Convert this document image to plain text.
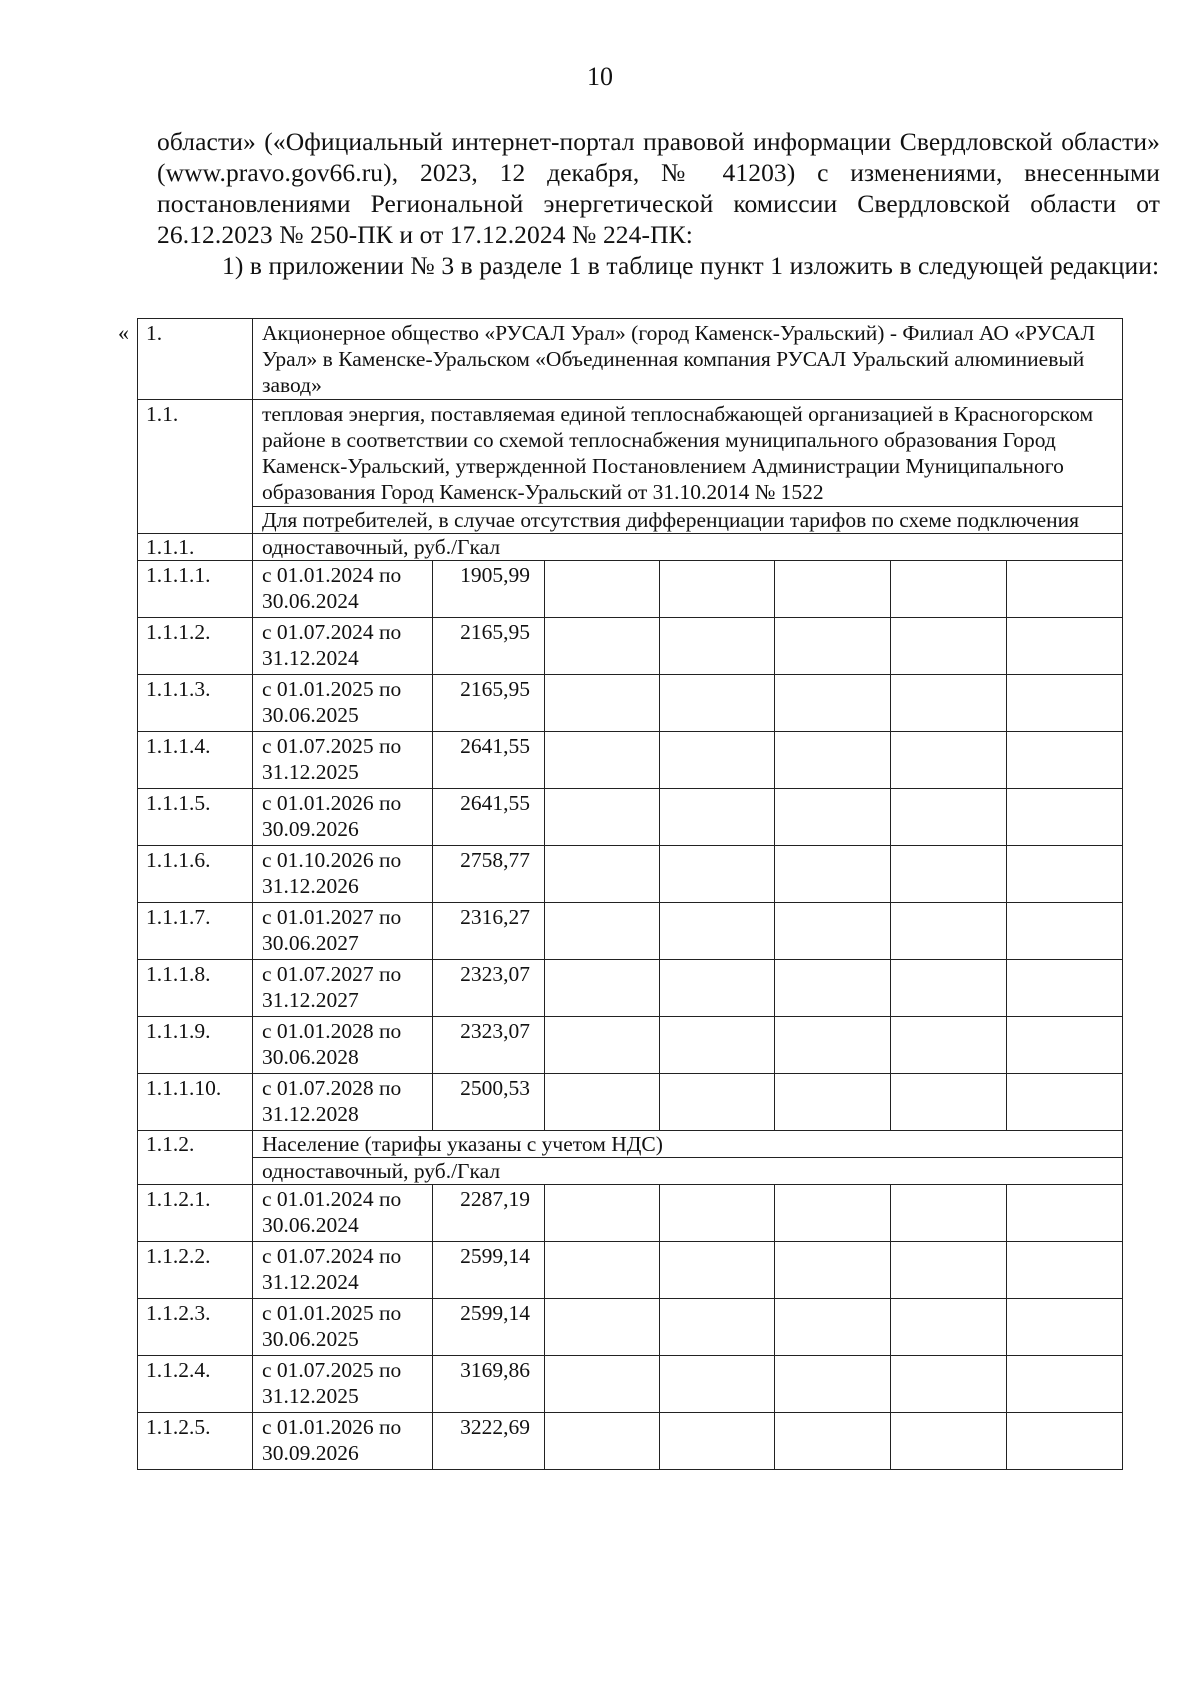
10

области» («Официальный интернет-портал правовой информации Свердловской области» (www.pravo.gov66.ru), 2023, 12 декабря, № 41203) с изменениями, внесенными постановлениями Региональной энергетической комиссии Свердловской области от 26.12.2023 № 250-ПК и от 17.12.2024 № 224-ПК:

1) в приложении № 3 в разделе 1 в таблице пункт 1 изложить в следующей редакции:

« 1.	Акционерное общество «РУСАЛ Урал» (город Каменск-Уральский) - Филиал АО «РУСАЛ Урал» в Каменске-Уральском «Объединенная компания РУСАЛ Уральский алюминиевый завод»						
1.1.	тепловая энергия, поставляемая единой теплоснабжающей организацией в Красногорском районе в соответствии со схемой теплоснабжения муниципального образования Город Каменск-Уральский, утвержденной Постановлением Администрации Муниципального образования Город Каменск-Уральский от 31.10.2014 № 1522						
	Для потребителей, в случае отсутствия дифференциации тарифов по схеме подключения						
1.1.1.	одноставочный, руб./Гкал						
1.1.1.1.	с 01.01.2024 по 30.06.2024	1905,99					
1.1.1.2.	с 01.07.2024 по 31.12.2024	2165,95					
1.1.1.3.	с 01.01.2025 по 30.06.2025	2165,95					
1.1.1.4.	с 01.07.2025 по 31.12.2025	2641,55					
1.1.1.5.	с 01.01.2026 по 30.09.2026	2641,55					
1.1.1.6.	с 01.10.2026 по 31.12.2026	2758,77					
1.1.1.7.	с 01.01.2027 по 30.06.2027	2316,27					
1.1.1.8.	с 01.07.2027 по 31.12.2027	2323,07					
1.1.1.9.	с 01.01.2028 по 30.06.2028	2323,07					
1.1.1.10.	с 01.07.2028 по 31.12.2028	2500,53					
1.1.2.	Население (тарифы указаны с учетом НДС)						
	одноставочный, руб./Гкал						
1.1.2.1.	с 01.01.2024 по 30.06.2024	2287,19					
1.1.2.2.	с 01.07.2024 по 31.12.2024	2599,14					
1.1.2.3.	с 01.01.2025 по 30.06.2025	2599,14					
1.1.2.4.	с 01.07.2025 по 31.12.2025	3169,86					
1.1.2.5.	с 01.01.2026 по 30.09.2026	3222,69					
